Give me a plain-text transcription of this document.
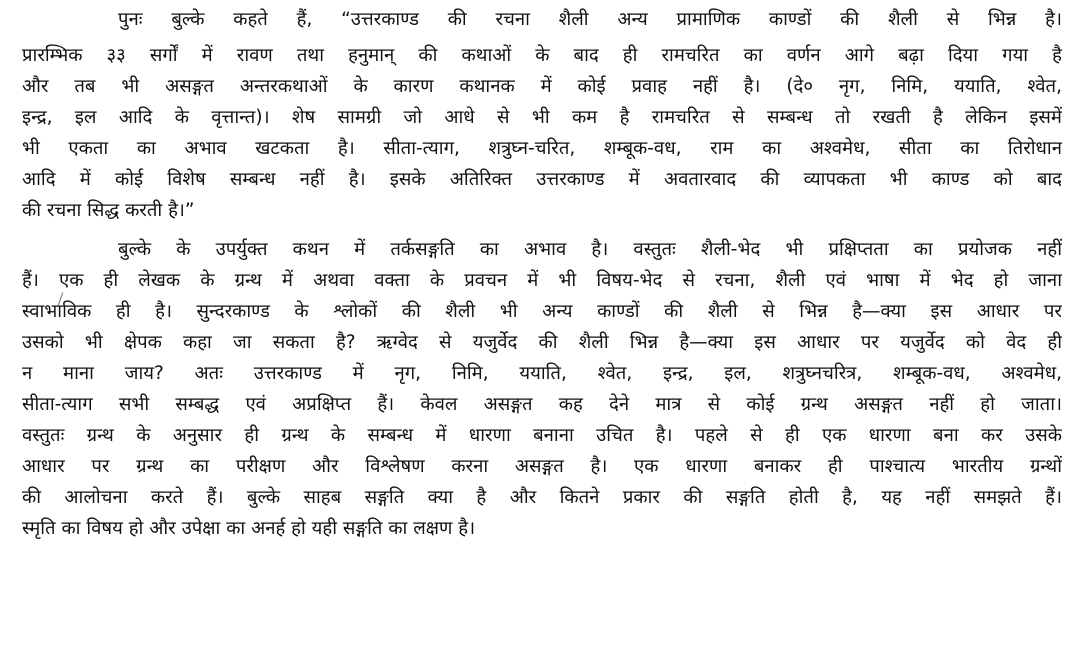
पुनः बुल्के कहते हैं, “उत्तरकाण्ड की रचना शैली अन्य प्रामाणिक काण्डों की शैली से भिन्न है।
प्रारम्भिक ३३ सर्गों में रावण तथा हनुमान् की कथाओं के बाद ही रामचरित का वर्णन आगे बढ़ा दिया गया है
और तब भी असङ्गत अन्तरकथाओं के कारण कथानक में कोई प्रवाह नहीं है। (दे० नृग, निमि, ययाति, श्वेत,
इन्द्र, इल आदि के वृत्तान्त)। शेष सामग्री जो आधे से भी कम है रामचरित से सम्बन्ध तो रखती है लेकिन इसमें
भी एकता का अभाव खटकता है। सीता-त्याग, शत्रुघ्न-चरित, शम्बूक-वध, राम का अश्वमेध, सीता का तिरोधान
आदि में कोई विशेष सम्बन्ध नहीं है। इसके अतिरिक्त उत्तरकाण्ड में अवतारवाद की व्यापकता भी काण्ड को बाद
की रचना सिद्ध करती है।”
बुल्के के उपर्युक्त कथन में तर्कसङ्गति का अभाव है। वस्तुतः शैली-भेद भी प्रक्षिप्तता का प्रयोजक नहीं
हैं। एक ही लेखक के ग्रन्थ में अथवा वक्ता के प्रवचन में भी विषय-भेद से रचना, शैली एवं भाषा में भेद हो जाना
स्वाभाविक ही है। सुन्दरकाण्ड के श्लोकों की शैली भी अन्य काण्डों की शैली से भिन्न है—क्या इस आधार पर
उसको भी क्षेपक कहा जा सकता है? ऋग्वेद से यजुर्वेद की शैली भिन्न है—क्या इस आधार पर यजुर्वेद को वेद ही
न माना जाय? अतः उत्तरकाण्ड में नृग, निमि, ययाति, श्वेत, इन्द्र, इल, शत्रुघ्नचरित्र, शम्बूक-वध, अश्वमेध,
सीता-त्याग सभी सम्बद्ध एवं अप्रक्षिप्त हैं। केवल असङ्गत कह देने मात्र से कोई ग्रन्थ असङ्गत नहीं हो जाता।
वस्तुतः ग्रन्थ के अनुसार ही ग्रन्थ के सम्बन्ध में धारणा बनाना उचित है। पहले से ही एक धारणा बना कर उसके
आधार पर ग्रन्थ का परीक्षण और विश्लेषण करना असङ्गत है। एक धारणा बनाकर ही पाश्चात्य भारतीय ग्रन्थों
की आलोचना करते हैं। बुल्के साहब सङ्गति क्या है और कितने प्रकार की सङ्गति होती है, यह नहीं समझते हैं।
स्मृति का विषय हो और उपेक्षा का अनर्ह हो यही सङ्गति का लक्षण है।
